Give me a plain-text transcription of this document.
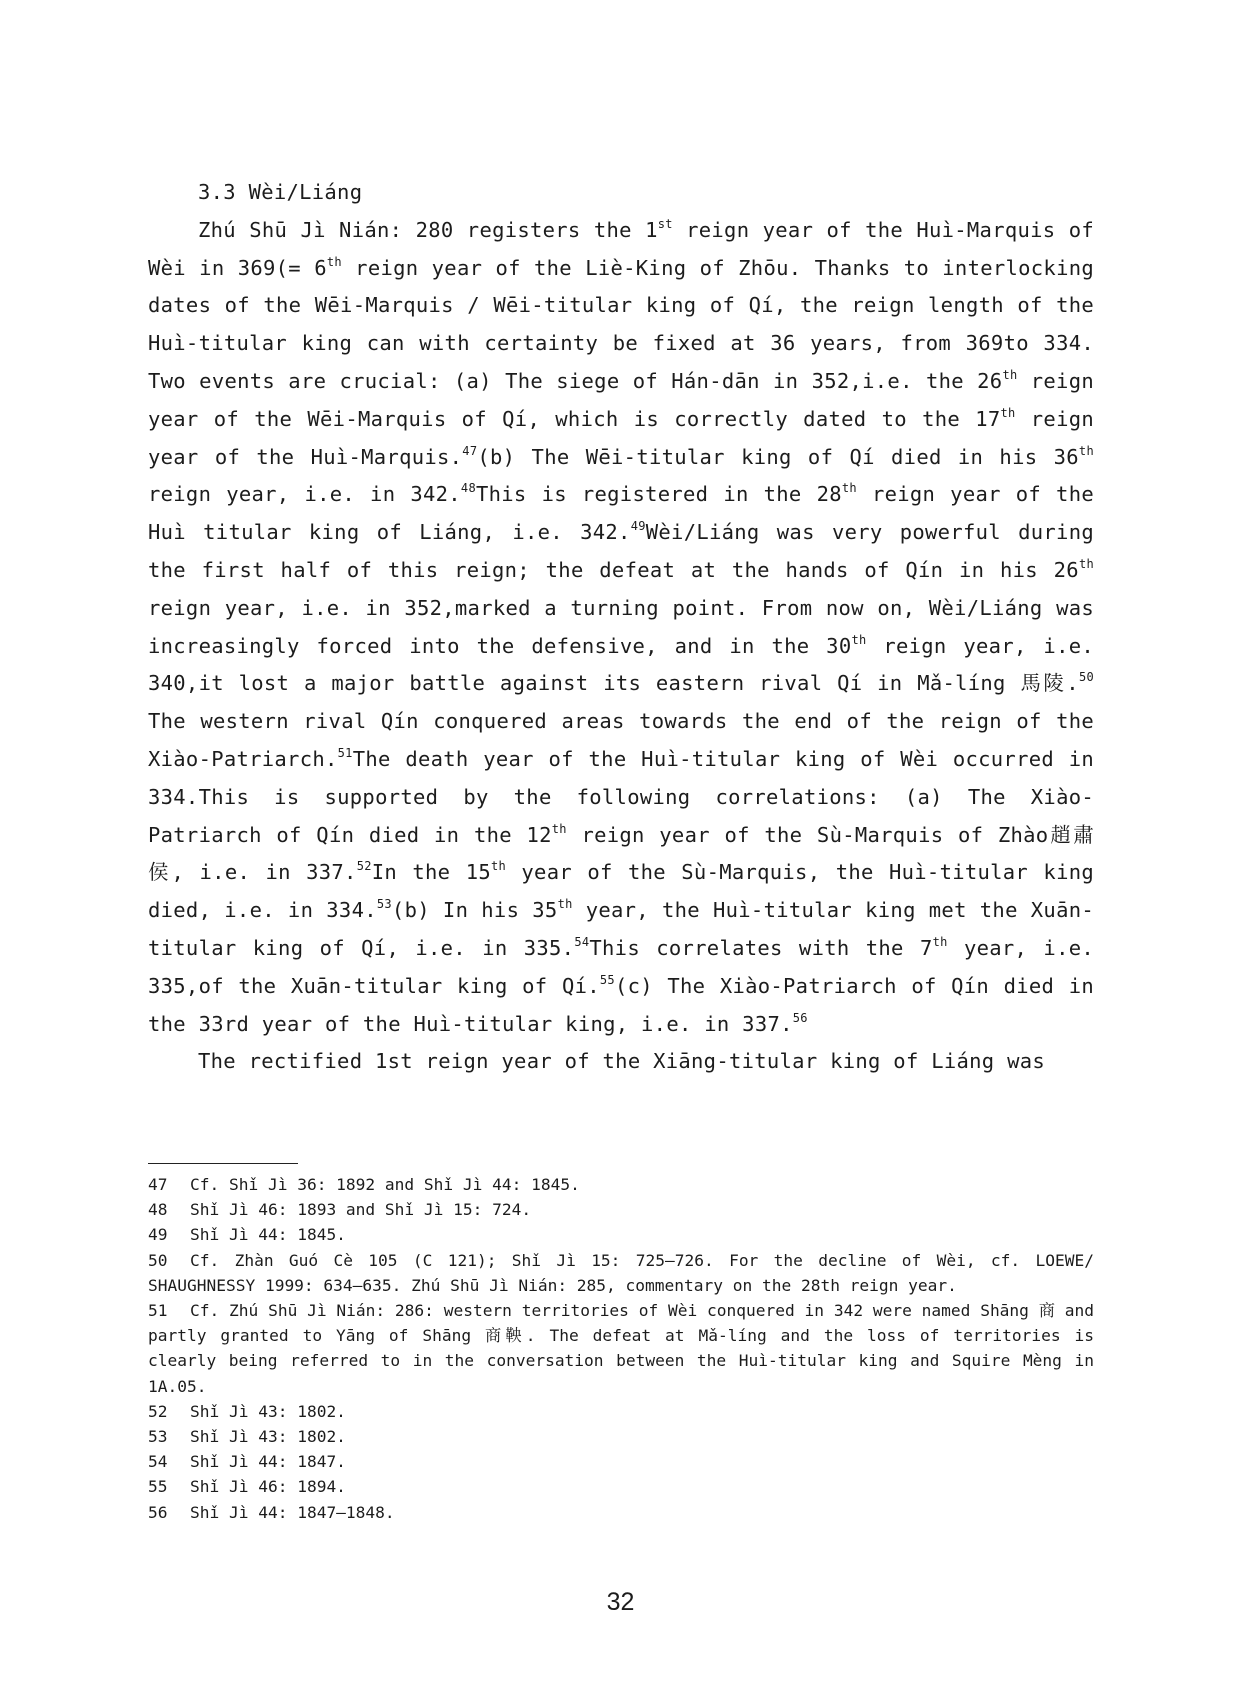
3.3 Wèi/Liáng

Zhú Shū Jì Nián: 280 registers the 1st reign year of the Huì-Marquis of Wèi in 369(= 6th reign year of the Liè-King of Zhōu. Thanks to interlocking dates of the Wēi-Marquis / Wēi-titular king of Qí, the reign length of the Huì-titular king can with certainty be fixed at 36 years, from 369to 334. Two events are crucial: (a) The siege of Hán-dān in 352,i.e. the 26th reign year of the Wēi-Marquis of Qí, which is correctly dated to the 17th reign year of the Huì-Marquis.$^{47}$(b) The Wēi-titular king of Qí died in his 36th reign year, i.e. in 342.48This is registered in the 28th reign year of the Huì titular king of Liáng, i.e. 342.49Wèi/Liáng was very powerful during the first half of this reign; the defeat at the hands of Qín in his 26th reign year, i.e. in 352,marked a turning point. From now on, Wèi/Liáng was increasingly forced into the defensive, and in the 30th reign year, i.e. 340,it lost a major battle against its eastern rival Qí in Mǎ-líng 馬陵.$^{50}$ The western rival Qín conquered areas towards the end of the reign of the Xiào-Patriarch.$^{51}$The death year of the Huì-titular king of Wèi occurred in 334.This is supported by the following correlations: (a) The Xiào-Patriarch of Qín died in the 12th reign year of the Sù-Marquis of Zhào趙肅侯, i.e. in 337.52In the 15th year of the Sù-Marquis, the Huì-titular king died, i.e. in 334.53(b) In his 35th year, the Huì-titular king met the Xuān-titular king of Qí, i.e. in 335.54This correlates with the 7th year, i.e. 335,of the Xuān-titular king of Qí.$^{55}$(c) The Xiào-Patriarch of Qín died in the 33rd year of the Huì-titular king, i.e. in 337.56

The rectified 1st reign year of the Xiāng-titular king of Liáng was

47 Cf. Shǐ Jì 36: 1892 and Shǐ Jì 44: 1845.

48 Shǐ Jì 46: 1893 and Shǐ Jì 15: 724.

49 Shǐ Jì 44: 1845.

50 Cf. Zhàn Guó Cè 105 (C 121); Shǐ Jì 15: 725–726. For the decline of Wèi, cf. LOEWE/ SHAUGHNESSY 1999: 634–635. Zhú Shū Jì Nián: 285, commentary on the 28th reign year.

51 Cf. Zhú Shū Jì Nián: 286: western territories of Wèi conquered in 342 were named Shāng 商 and partly granted to Yāng of Shāng 商鞅. The defeat at Mǎ-líng and the loss of territories is clearly being referred to in the conversation between the Huì-titular king and Squire Mèng in 1A.05.

52 Shǐ Jì 43: 1802.

53 Shǐ Jì 43: 1802.

54 Shǐ Jì 44: 1847.

55 Shǐ Jì 46: 1894.

56 Shǐ Jì 44: 1847–1848.

32
